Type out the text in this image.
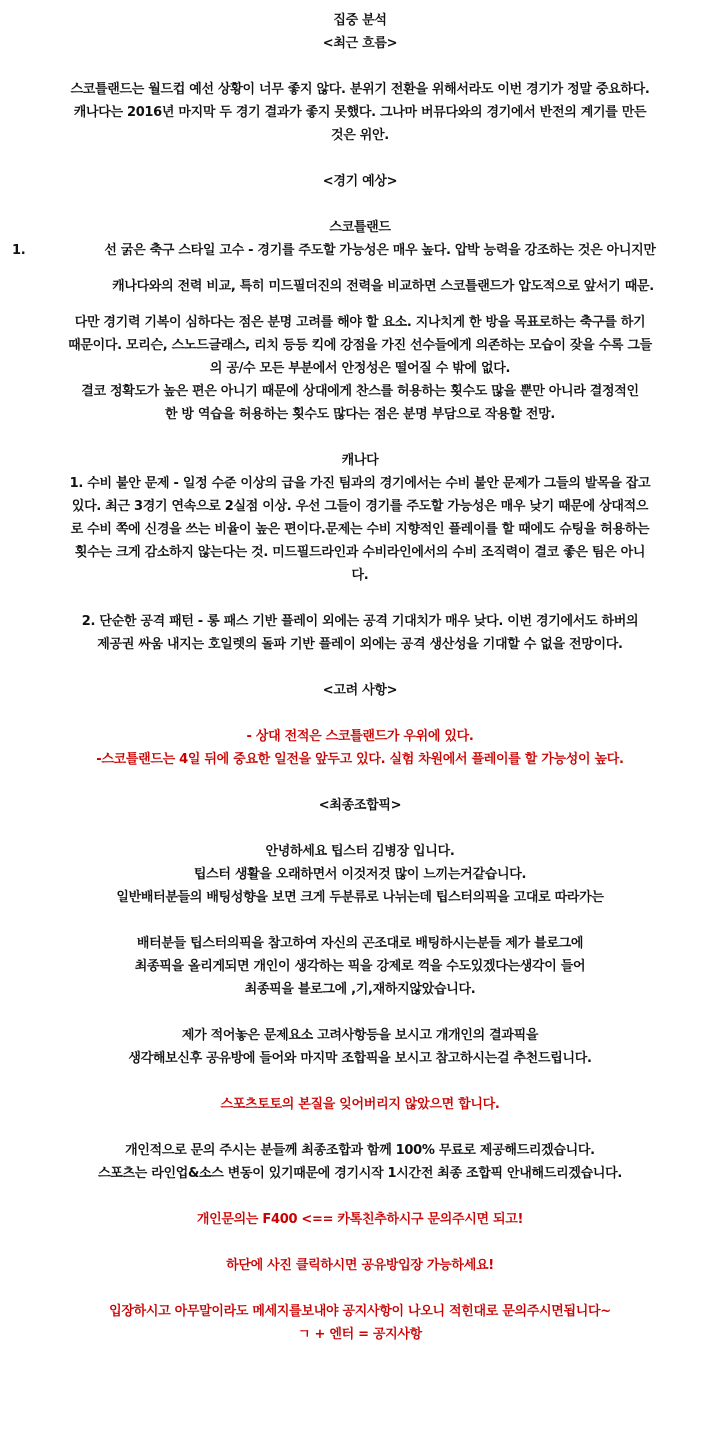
집중 분석

<최근 흐름>

스코틀랜드는 월드컵 예선 상황이 너무 좋지 않다. 분위기 전환을 위해서라도 이번 경기가 정말 중요하다.

캐나다는 2016년 마지막 두 경기 결과가 좋지 못했다. 그나마 버뮤다와의 경기에서 반전의 계기를 만든

것은 위안.

<경기 예상>

스코틀랜드

1.	선 굵은 축구 스타일 고수 - 경기를 주도할 가능성은 매우 높다. 압박 능력을 강조하는 것은 아니지만

캐나다와의 전력 비교, 특히 미드필더진의 전력을 비교하면 스코틀랜드가 압도적으로 앞서기 때문.

다만 경기력 기복이 심하다는 점은 분명 고려를 해야 할 요소. 지나치게 한 방을 목표로하는 축구를 하기

때문이다. 모리슨, 스노드글래스, 리치 등등 킥에 강점을 가진 선수들에게 의존하는 모습이 잦을 수록 그들

의 공/수 모든 부분에서 안정성은 떨어질 수 밖에 없다.

결코 정확도가 높은 편은 아니기 때문에 상대에게 찬스를 허용하는 횟수도 많을 뿐만 아니라 결정적인

한 방 역습을 허용하는 횟수도 많다는 점은 분명 부담으로 작용할 전망.

캐나다

1. 수비 불안 문제 - 일정 수준 이상의 급을 가진 팀과의 경기에서는 수비 불안 문제가 그들의 발목을 잡고

있다. 최근 3경기 연속으로 2실점 이상. 우선 그들이 경기를 주도할 가능성은 매우 낮기 때문에 상대적으

로 수비 쪽에 신경을 쓰는 비율이 높은 편이다.문제는 수비 지향적인 플레이를 할 때에도 슈팅을 허용하는

횟수는 크게 감소하지 않는다는 것. 미드필드라인과 수비라인에서의 수비 조직력이 결코 좋은 팀은 아니

다.

2. 단순한 공격 패턴 - 롱 패스 기반 플레이 외에는 공격 기대치가 매우 낮다. 이번 경기에서도 하버의

제공권 싸움 내지는 호일렛의 돌파 기반 플레이 외에는 공격 생산성을 기대할 수 없을 전망이다.

<고려 사항>

- 상대 전적은 스코틀랜드가 우위에 있다.

-스코틀랜드는 4일 뒤에 중요한 일전을 앞두고 있다. 실험 차원에서 플레이를 할 가능성이 높다.

<최종조합픽>

안녕하세요 팁스터 김병장 입니다.

팁스터 생활을 오래하면서 이것저것 많이 느끼는거같습니다.

일반배터분들의 배팅성향을 보면 크게 두분류로 나뉘는데 팁스터의픽을 고대로 따라가는

배터분들 팁스터의픽을 참고하여 자신의 곤조대로 배팅하시는분들 제가 블로그에

최종픽을 올리게되면 개인이 생각하는 픽을 강제로 꺽을 수도있겠다는생각이 들어

최종픽을 블로그에 ,기,재하지않았습니다.

제가 적어놓은 문제요소 고려사항등을 보시고 개개인의 결과픽을

생각해보신후 공유방에 들어와 마지막 조합픽을 보시고 참고하시는걸 추천드립니다.

스포츠토토의 본질을 잊어버리지 않았으면 합니다.

개인적으로 문의 주시는 분들께 최종조합과 함께 100% 무료로 제공해드리겠습니다.

스포츠는 라인업&소스 변동이 있기때문에 경기시작 1시간전 최종 조합픽 안내해드리겠습니다.

개인문의는 F400 <== 카톡친추하시구 문의주시면 되고!

하단에 사진 클릭하시면 공유방입장 가능하세요!

입장하시고 아무말이라도 메세지를보내야 공지사항이 나오니 적힌대로 문의주시면됩니다~

ㄱ + 엔터 = 공지사항
